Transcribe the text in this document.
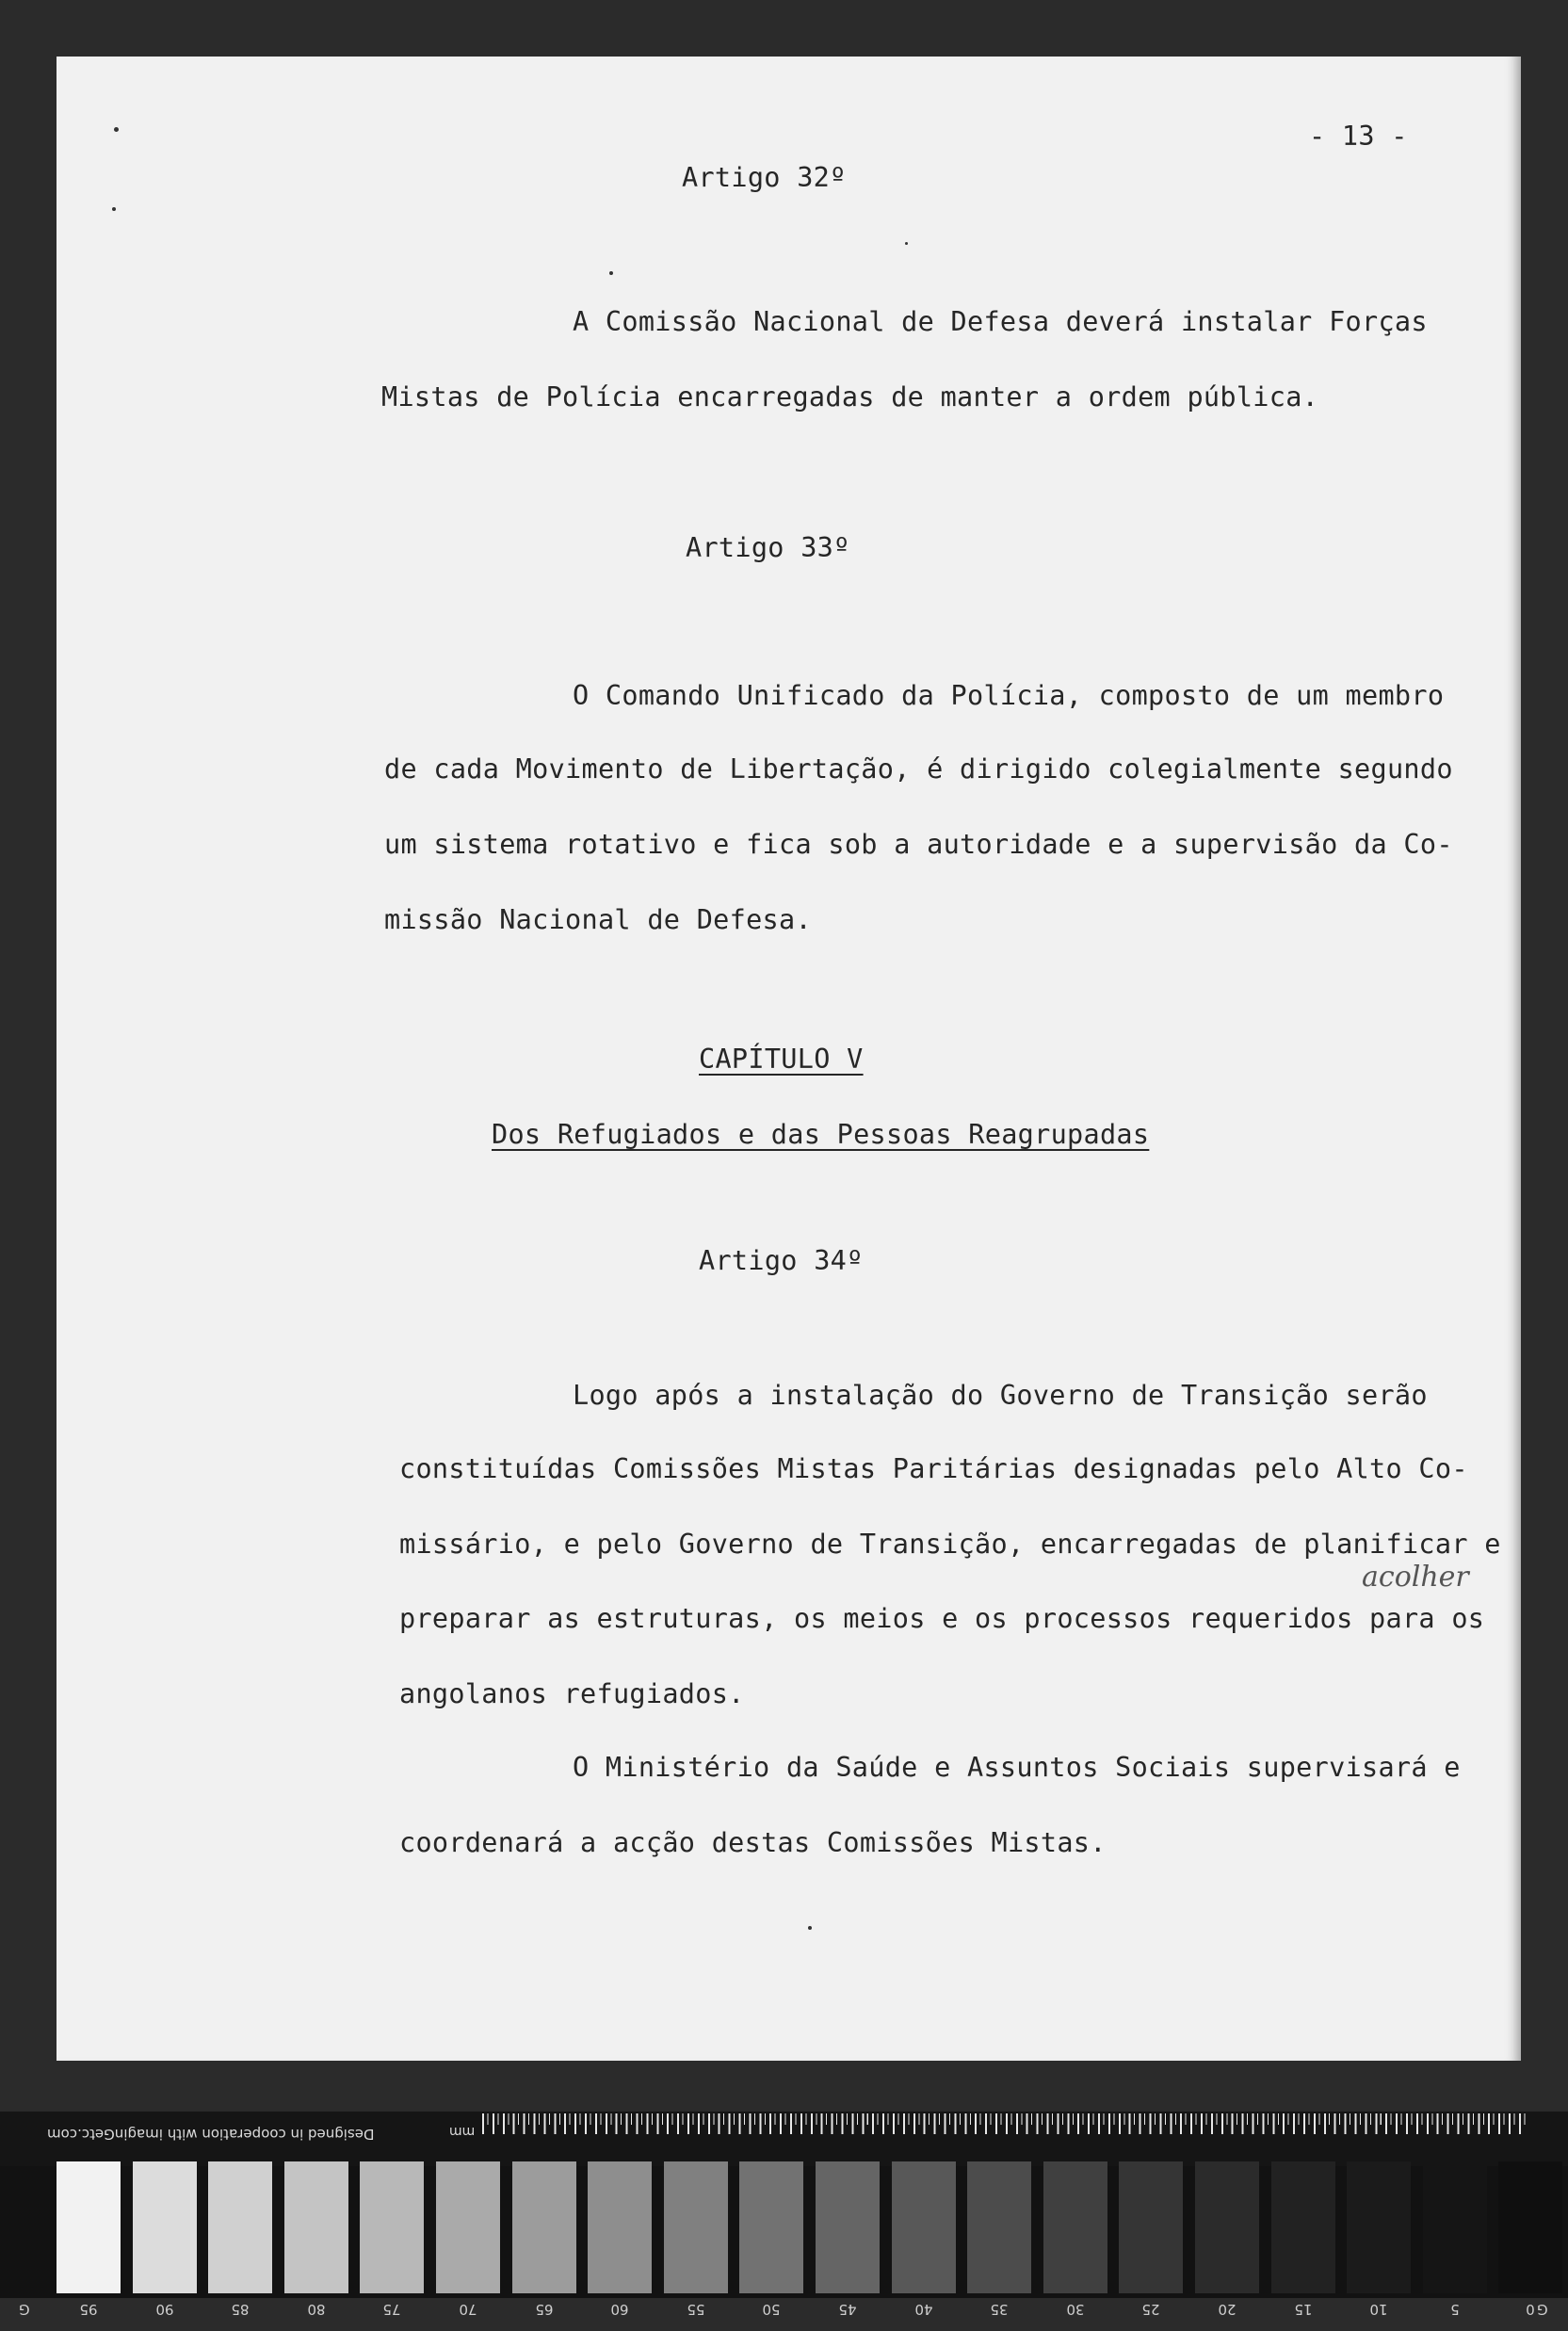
- 13 -
Artigo 32º
A Comissão Nacional de Defesa deverá instalar Forças
Mistas de Polícia encarregadas de manter a ordem pública.
Artigo 33º
O Comando Unificado da Polícia, composto de um membro
de cada Movimento de Libertação, é dirigido colegialmente segundo
um sistema rotativo e fica sob a autoridade e a supervisão da Co-
missão Nacional de Defesa.
CAPÍTULO V
Dos Refugiados e das Pessoas Reagrupadas
Artigo 34º
Logo após a instalação do Governo de Transição serão
constituídas Comissões Mistas Paritárias designadas pelo Alto Co-
missário, e pelo Governo de Transição, encarregadas de planificar e
acolher
preparar as estruturas, os meios e os processos requeridos para os
angolanos refugiados.
O Ministério da Saúde e Assuntos Sociais supervisará e
coordenará a acção destas Comissões Mistas.
Designed in cooperation with imaginGetc.com	mm
95	90	85	80	75	70	65	60	55	50	45	40	35	30	25	20	15	10	5	0
G	G
